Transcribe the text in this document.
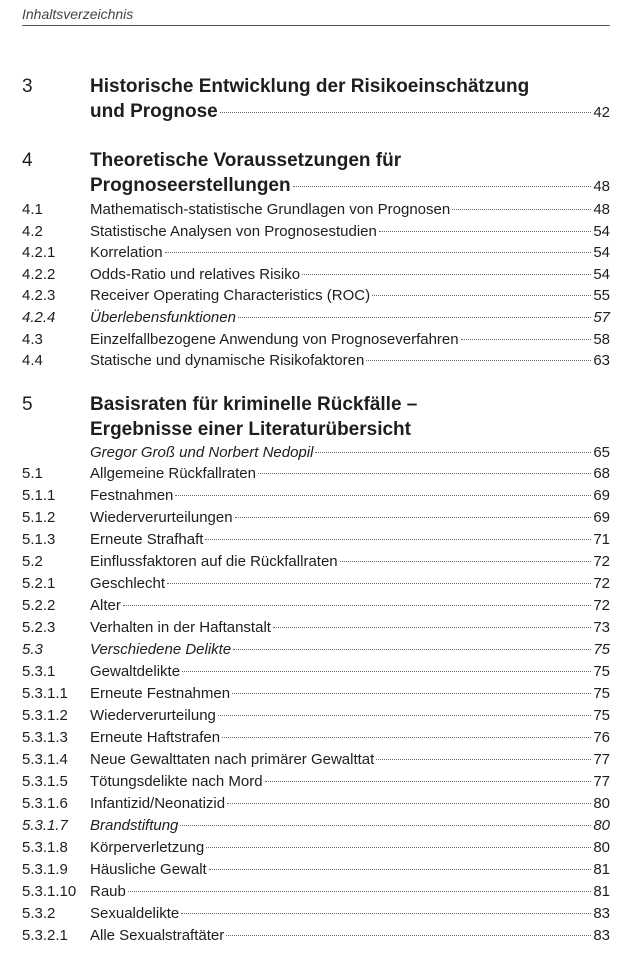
Inhaltsverzeichnis
3	Historische Entwicklung der Risikoeinschätzung
und Prognose	42
4	Theoretische Voraussetzungen für
Prognoseerstellungen	48
4.1	Mathematisch-statistische Grundlagen von Prognosen	48
4.2	Statistische Analysen von Prognosestudien	54
4.2.1	Korrelation	54
4.2.2	Odds-Ratio und relatives Risiko	54
4.2.3	Receiver Operating Characteristics (ROC)	55
4.2.4	Überlebensfunktionen	57
4.3	Einzelfallbezogene Anwendung von Prognoseverfahren	58
4.4	Statische und dynamische Risikofaktoren	63
5	Basisraten für kriminelle Rückfälle –
Ergebnisse einer Literaturübersicht
Gregor Groß und Norbert Nedopil	65
5.1	Allgemeine Rückfallraten	68
5.1.1	Festnahmen	69
5.1.2	Wiederverurteilungen	69
5.1.3	Erneute Strafhaft	71
5.2	Einflussfaktoren auf die Rückfallraten	72
5.2.1	Geschlecht	72
5.2.2	Alter	72
5.2.3	Verhalten in der Haftanstalt	73
5.3	Verschiedene Delikte	75
5.3.1	Gewaltdelikte	75
5.3.1.1	Erneute Festnahmen	75
5.3.1.2	Wiederverurteilung	75
5.3.1.3	Erneute Haftstrafen	76
5.3.1.4	Neue Gewalttaten nach primärer Gewalttat	77
5.3.1.5	Tötungsdelikte nach Mord	77
5.3.1.6	Infantizid/Neonatizid	80
5.3.1.7	Brandstiftung	80
5.3.1.8	Körperverletzung	80
5.3.1.9	Häusliche Gewalt	81
5.3.1.10 Raub	81
5.3.2	Sexualdelikte	83
5.3.2.1	Alle Sexualstraftäter	83
